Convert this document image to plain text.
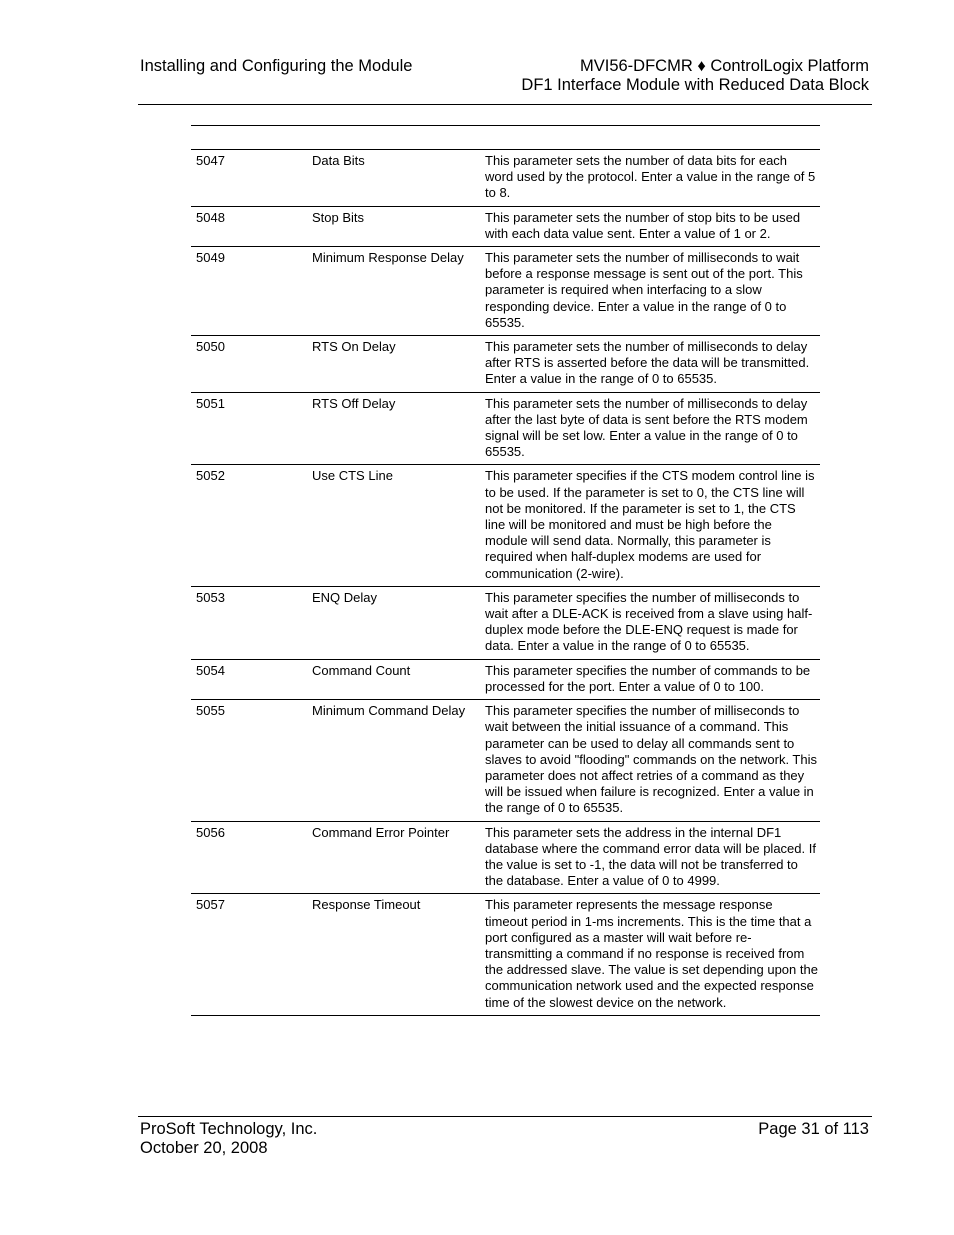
Installing and Configuring the Module	MVI56-DFCMR ♦ ControlLogix Platform
DF1 Interface Module with Reduced Data Block
5047	Data Bits	This parameter sets the number of data bits for each word used by the protocol. Enter a value in the range of 5 to 8.
5048	Stop Bits	This parameter sets the number of stop bits to be used with each data value sent. Enter a value of 1 or 2.
5049	Minimum Response Delay	This parameter sets the number of milliseconds to wait before a response message is sent out of the port. This parameter is required when interfacing to a slow responding device. Enter a value in the range of 0 to 65535.
5050	RTS On Delay	This parameter sets the number of milliseconds to delay after RTS is asserted before the data will be transmitted. Enter a value in the range of 0 to 65535.
5051	RTS Off Delay	This parameter sets the number of milliseconds to delay after the last byte of data is sent before the RTS modem signal will be set low. Enter a value in the range of 0 to 65535.
5052	Use CTS Line	This parameter specifies if the CTS modem control line is to be used. If the parameter is set to 0, the CTS line will not be monitored. If the parameter is set to 1, the CTS line will be monitored and must be high before the module will send data. Normally, this parameter is required when half-duplex modems are used for communication (2-wire).
5053	ENQ Delay	This parameter specifies the number of milliseconds to wait after a DLE-ACK is received from a slave using half-duplex mode before the DLE-ENQ request is made for data. Enter a value in the range of 0 to 65535.
5054	Command Count	This parameter specifies the number of commands to be processed for the port. Enter a value of 0 to 100.
5055	Minimum Command Delay	This parameter specifies the number of milliseconds to wait between the initial issuance of a command. This parameter can be used to delay all commands sent to slaves to avoid "flooding" commands on the network. This parameter does not affect retries of a command as they will be issued when failure is recognized. Enter a value in the range of 0 to 65535.
5056	Command Error Pointer	This parameter sets the address in the internal DF1 database where the command error data will be placed. If the value is set to -1, the data will not be transferred to the database. Enter a value of 0 to 4999.
5057	Response Timeout	This parameter represents the message response timeout period in 1-ms increments. This is the time that a port configured as a master will wait before re-transmitting a command if no response is received from the addressed slave. The value is set depending upon the communication network used and the expected response time of the slowest device on the network.
ProSoft Technology, Inc.
October 20, 2008
Page 31 of 113
